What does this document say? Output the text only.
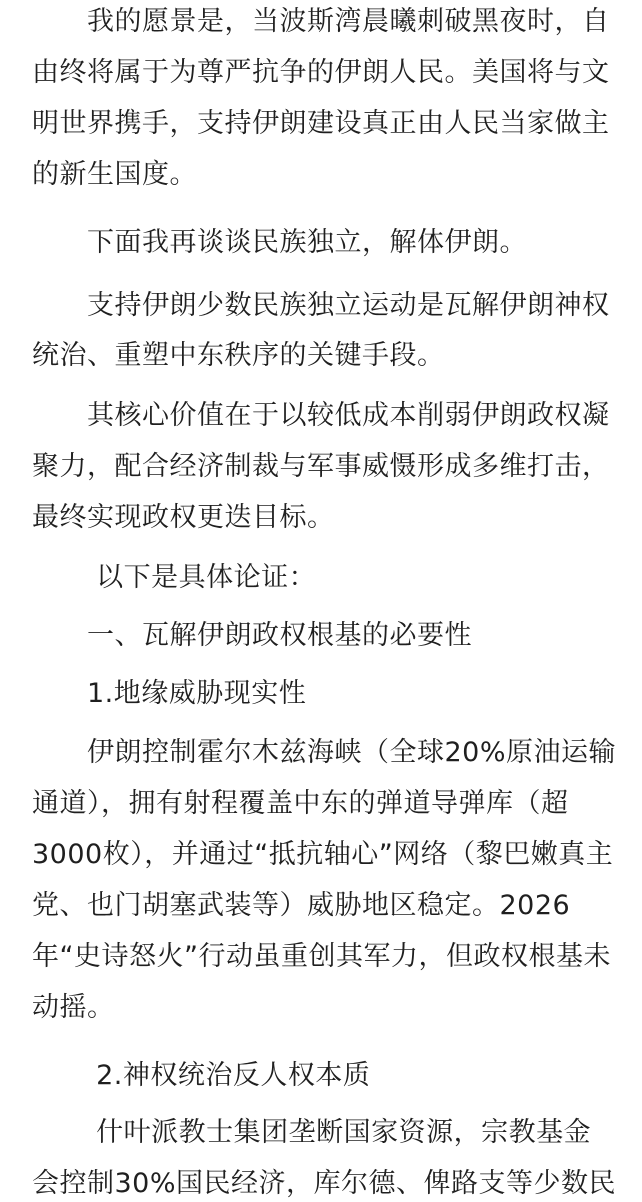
　　我的愿景是，当波斯湾晨曦刺破黑夜时，自
由终将属于为尊严抗争的伊朗人民。美国将与文
明世界携手，支持伊朗建设真正由人民当家做主
的新生国度。
　　下面我再谈谈民族独立，解体伊朗。
　　支持伊朗少数民族独立运动是瓦解伊朗神权
统治、重塑中东秩序的关键手段。
　　其核心价值在于以较低成本削弱伊朗政权凝
聚力，配合经济制裁与军事威慑形成多维打击，
最终实现政权更迭目标。
　　 以下是具体论证：
　　一、瓦解伊朗政权根基的必要性
　　1.地缘威胁现实性
　　伊朗控制霍尔木兹海峡（全球20%原油运输
通道），拥有射程覆盖中东的弹道导弹库（超
3000枚），并通过“抵抗轴心”网络（黎巴嫩真主
党、也门胡塞武装等）威胁地区稳定。2026
年“史诗怒火”行动虽重创其军力，但政权根基未
动摇。
　　 2.神权统治反人权本质
　　 什叶派教士集团垄断国家资源，宗教基金
会控制30%国民经济，库尔德、俾路支等少数民
